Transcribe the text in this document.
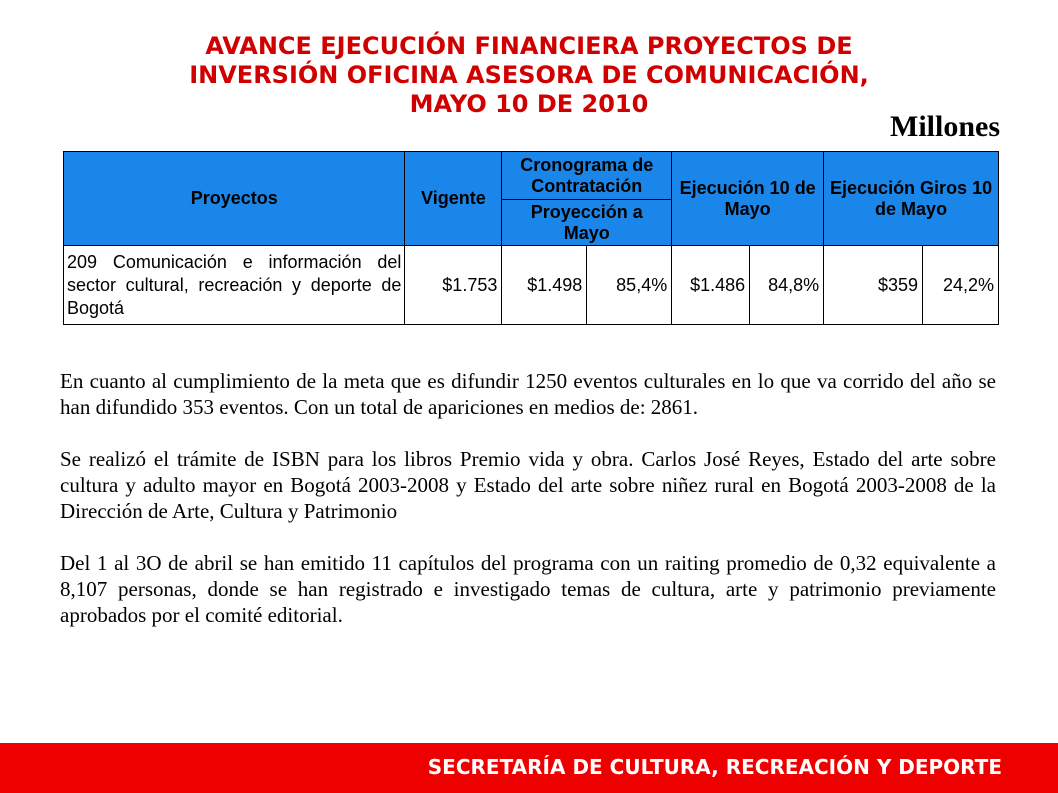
AVANCE EJECUCIÓN FINANCIERA PROYECTOS DE
INVERSIÓN OFICINA ASESORA DE COMUNICACIÓN,
MAYO 10 DE 2010
Millones
Proyectos	Vigente	Cronograma de Contratación		Ejecución 10 de Mayo		Ejecución Giros 10 de Mayo	
		Proyección a Mayo					
209 Comunicación e información del sector cultural, recreación y deporte de Bogotá	$1.753	$1.498	85,4%	$1.486	84,8%	$359	24,2%

En cuanto al cumplimiento de la meta que es difundir 1250 eventos culturales en lo que va corrido del año se han difundido 353 eventos. Con un total de apariciones en medios de: 2861.

Se realizó el trámite de ISBN para los libros Premio vida y obra. Carlos José Reyes, Estado del arte sobre cultura y adulto mayor en Bogotá 2003-2008 y Estado del arte sobre niñez rural en Bogotá 2003-2008 de la Dirección de Arte, Cultura y Patrimonio

Del 1 al 3O de abril se han emitido 11 capítulos del programa con un raiting promedio de 0,32 equivalente a 8,107 personas, donde se han registrado e investigado temas de cultura, arte y patrimonio previamente aprobados por el comité editorial.

SECRETARÍA DE CULTURA, RECREACIÓN Y DEPORTE
